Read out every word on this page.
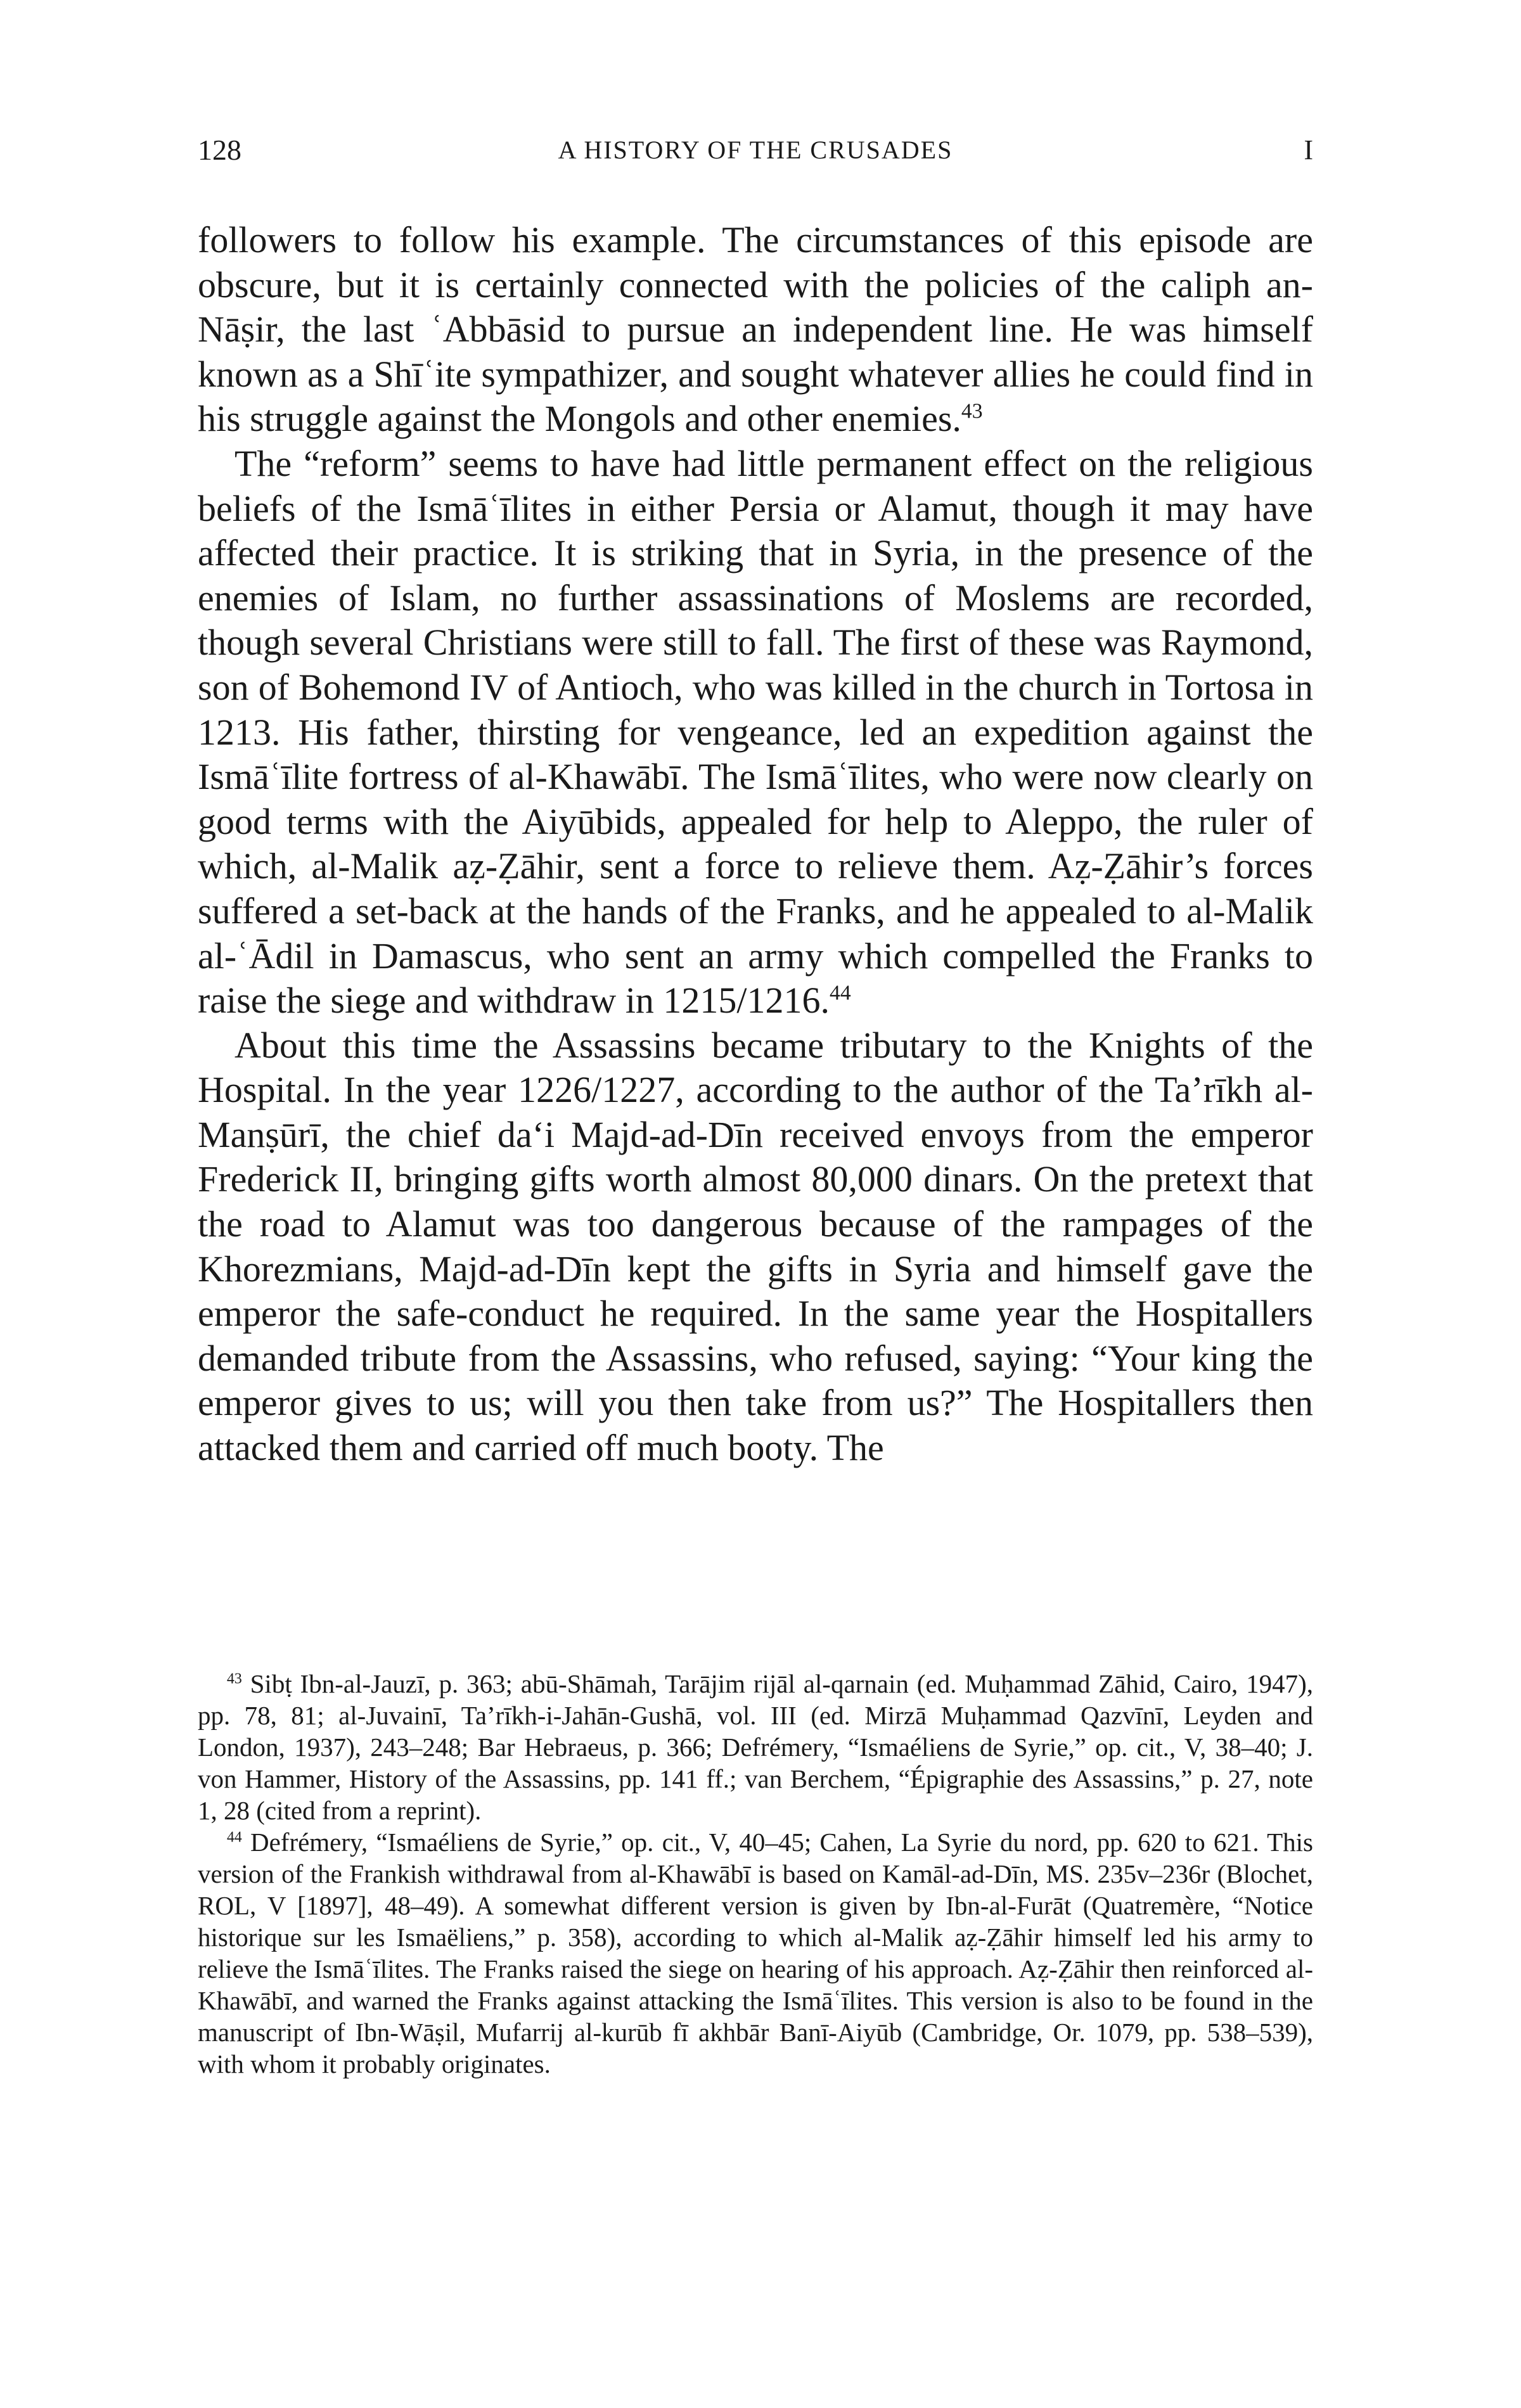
128	A HISTORY OF THE CRUSADES	I

followers to follow his example. The circumstances of this episode are obscure, but it is certainly connected with the policies of the caliph an-Nāṣir, the last ʿAbbāsid to pursue an independent line. He was himself known as a Shīʿite sympathizer, and sought whatever allies he could find in his struggle against the Mongols and other enemies.$^{43}$

The “reform” seems to have had little permanent effect on the religious beliefs of the Ismāʿīlites in either Persia or Alamut, though it may have affected their practice. It is striking that in Syria, in the presence of the enemies of Islam, no further assassinations of Moslems are recorded, though several Christians were still to fall. The first of these was Raymond, son of Bohemond IV of Antioch, who was killed in the church in Tortosa in 1213. His father, thirsting for vengeance, led an expedition against the Ismāʿīlite fortress of al-Khawābī. The Ismāʿīlites, who were now clearly on good terms with the Aiyūbids, appealed for help to Aleppo, the ruler of which, al-Malik aẓ-Ẓāhir, sent a force to relieve them. Aẓ-Ẓāhir’s forces suffered a set-back at the hands of the Franks, and he appealed to al-Malik al-ʿĀdil in Damascus, who sent an army which compelled the Franks to raise the siege and withdraw in 1215/1216.44

About this time the Assassins became tributary to the Knights of the Hospital. In the year 1226/1227, according to the author of the Ta’rīkh al-Manṣūrī, the chief da‘i Majd-ad-Dīn received envoys from the emperor Frederick II, bringing gifts worth almost 80,000 dinars. On the pretext that the road to Alamut was too dangerous because of the rampages of the Khorezmians, Majd-ad-Dīn kept the gifts in Syria and himself gave the emperor the safe-conduct he required. In the same year the Hospitallers demanded tribute from the Assassins, who refused, saying: “Your king the emperor gives to us; will you then take from us?” The Hospitallers then attacked them and carried off much booty. The

$^{43}$ Sibṭ Ibn-al-Jauzī, p. 363; abū-Shāmah, Tarājim rijāl al-qarnain (ed. Muḥammad Zāhid, Cairo, 1947), pp. 78, 81; al-Juvainī, Ta’rīkh-i-Jahān-Gushā, vol. III (ed. Mirzā Muḥammad Qazvīnī, Leyden and London, 1937), 243–248; Bar Hebraeus, p. 366; Defrémery, “Ismaéliens de Syrie,” op. cit., V, 38–40; J. von Hammer, History of the Assassins, pp. 141 ff.; van Berchem, “Épigraphie des Assassins,” p. 27, note 1, 28 (cited from a reprint).

$^{44}$ Defrémery, “Ismaéliens de Syrie,” op. cit., V, 40–45; Cahen, La Syrie du nord, pp. 620 to 621. This version of the Frankish withdrawal from al-Khawābī is based on Kamāl-ad-Dīn, MS. 235v–236r (Blochet, ROL, V [1897], 48–49). A somewhat different version is given by Ibn-al-Furāt (Quatremère, “Notice historique sur les Ismaëliens,” p. 358), according to which al-Malik aẓ-Ẓāhir himself led his army to relieve the Ismāʿīlites. The Franks raised the siege on hearing of his approach. Aẓ-Ẓāhir then reinforced al-Khawābī, and warned the Franks against attacking the Ismāʿīlites. This version is also to be found in the manuscript of Ibn-Wāṣil, Mufarrij al-kurūb fī akhbār Banī-Aiyūb (Cambridge, Or. 1079, pp. 538–539), with whom it probably originates.
